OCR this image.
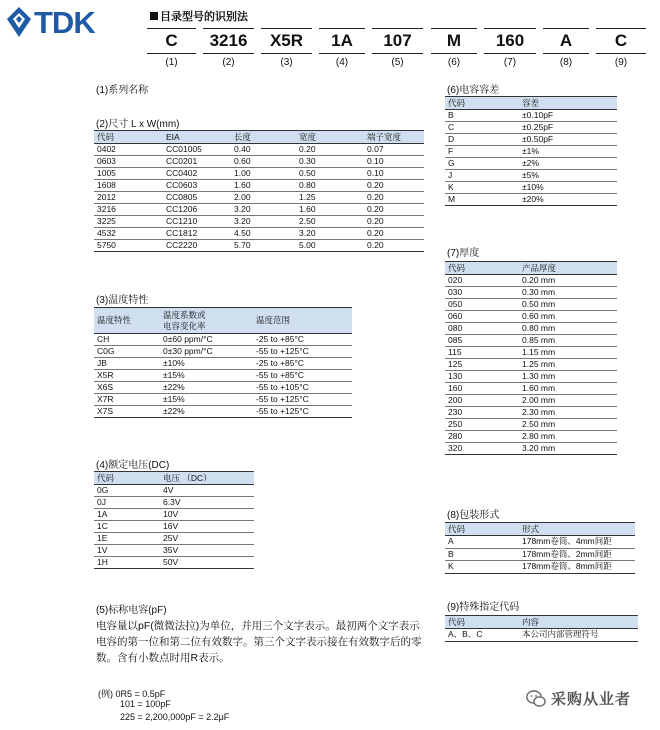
TDK	目录型号的识别法
C	3216	X5R	1A	107	M	160	A	C
(1)	(2)	(3)	(4)	(5)	(6)	(7)	(8)	(9)
(1)系列名称
(2)尺寸 L x W(mm)
代码	EIA	长度	宽度	端子宽度
0402	CC01005	0.40	0.20	0.07
0603	CC0201	0.60	0.30	0.10
1005	CC0402	1.00	0.50	0.10
1608	CC0603	1.60	0.80	0.20
2012	CC0805	2.00	1.25	0.20
3216	CC1206	3.20	1.60	0.20
3225	CC1210	3.20	2.50	0.20
4532	CC1812	4.50	3.20	0.20
5750	CC2220	5.70	5.00	0.20
(3)温度特性
温度特性	温度系数或
电容变化率	温度范围
CH	0±60 ppm/°C	-25 to +85°C
C0G	0±30 ppm/°C	-55 to +125°C
JB	±10%	-25 to +85°C
X5R	±15%	-55 to +85°C
X6S	±22%	-55 to +105°C
X7R	±15%	-55 to +125°C
X7S	±22%	-55 to +125°C
(4)额定电压(DC)
代码	电压 （DC）
0G	4V
0J	6.3V
1A	10V
1C	16V
1E	25V
1V	35V
1H	50V
(5)标称电容(pF)
电容量以pF(微微法拉)为单位，并用三个文字表示。最初两个文字表示电容的第一位和第二位有效数字。第三个文字表示接在有效数字后的零数。含有小数点时用R表示。
(例) 0R5 = 0.5pF
101 = 100pF
225 = 2,200,000pF = 2.2μF
(6)电容容差
代码	容差
B	±0.10pF
C	±0.25pF
D	±0.50pF
F	±1%
G	±2%
J	±5%
K	±10%
M	±20%
(7)厚度
代码	产品厚度
020	0.20 mm
030	0.30 mm
050	0.50 mm
060	0.60 mm
080	0.80 mm
085	0.85 mm
115	1.15 mm
125	1.25 mm
130	1.30 mm
160	1.60 mm
200	2.00 mm
230	2.30 mm
250	2.50 mm
280	2.80 mm
320	3.20 mm
(8)包装形式
代码	形式
A	178mm卷筒、4mm间距
B	178mm卷筒、2mm间距
K	178mm卷筒、8mm间距
(9)特殊指定代码
代码	内容
A、B、C	本公司内部管理符号
采购从业者
